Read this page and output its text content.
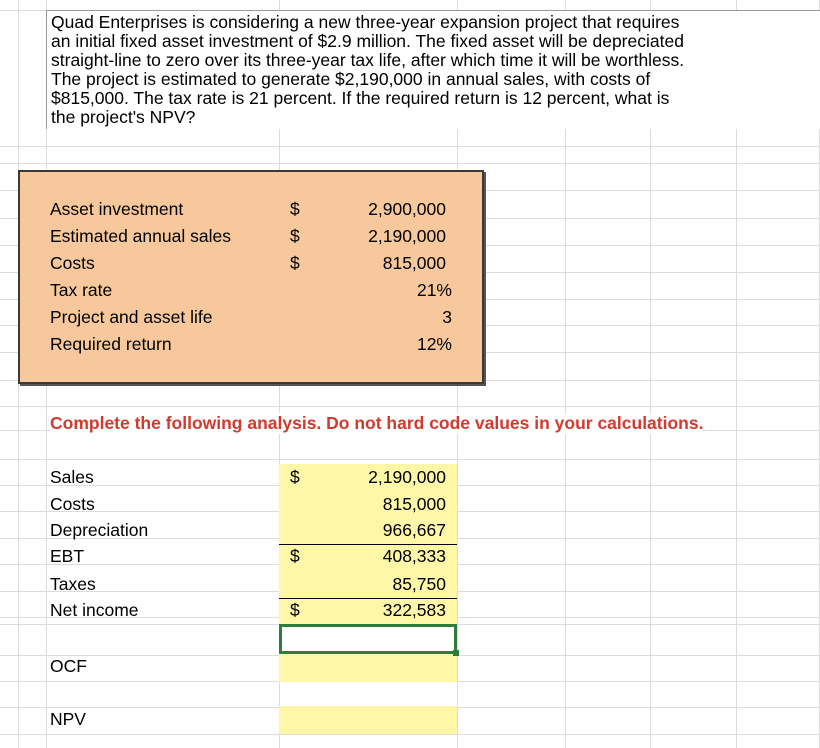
Quad Enterprises is considering a new three-year expansion project that requires

an initial fixed asset investment of $2.9 million. The fixed asset will be depreciated

straight-line to zero over its three-year tax life, after which time it will be worthless.

The project is estimated to generate $2,190,000 in annual sales, with costs of

$815,000. The tax rate is 21 percent. If the required return is 12 percent, what is

the project's NPV?

Asset investment	$	2,900,000
Estimated annual sales	$	2,190,000
Costs	$	815,000
Tax rate	21%
Project and asset life	3
Required return	12%
Complete the following analysis. Do not hard code values in your calculations.
Sales	$	2,190,000
Costs	815,000
Depreciation	966,667
EBT	$	408,333
Taxes	85,750
Net income	$	322,583
OCF
NPV
